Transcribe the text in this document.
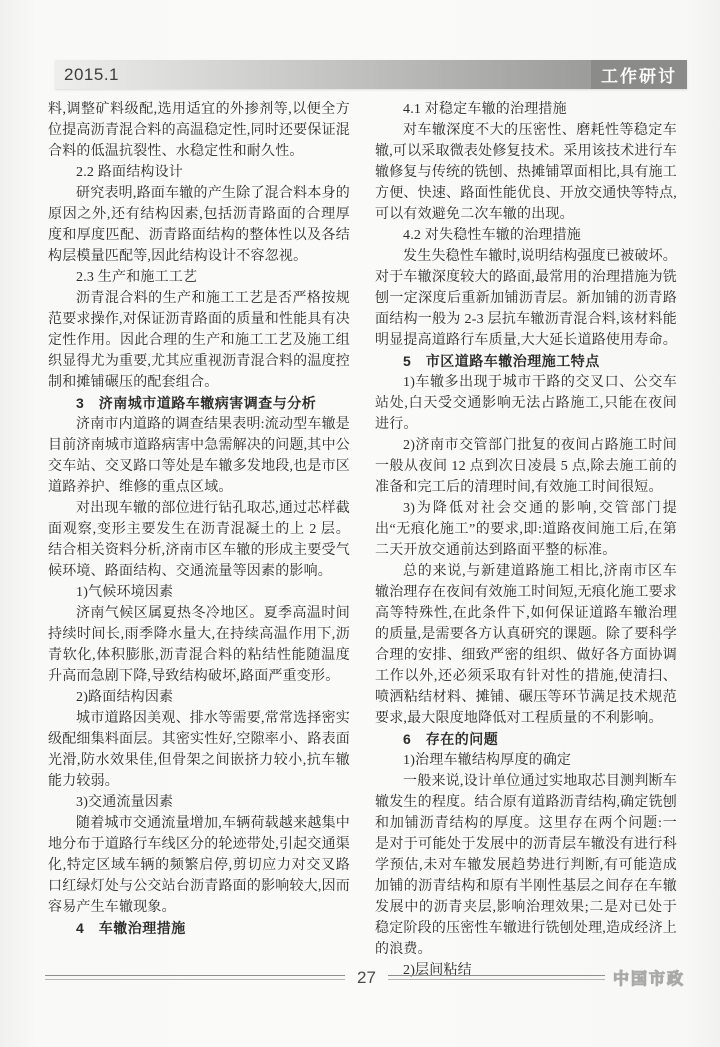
2015.1	工作研讨

料,调整矿料级配,选用适宜的外掺剂等,以便全方位提高沥青混合料的高温稳定性,同时还要保证混合料的低温抗裂性、水稳定性和耐久性。

2.2 路面结构设计

研究表明,路面车辙的产生除了混合料本身的原因之外,还有结构因素,包括沥青路面的合理厚度和厚度匹配、沥青路面结构的整体性以及各结构层模量匹配等,因此结构设计不容忽视。

2.3 生产和施工工艺

沥青混合料的生产和施工工艺是否严格按规范要求操作,对保证沥青路面的质量和性能具有决定性作用。因此合理的生产和施工工艺及施工组织显得尤为重要,尤其应重视沥青混合料的温度控制和摊铺碾压的配套组合。

3　济南城市道路车辙病害调查与分析

济南市内道路的调查结果表明:流动型车辙是目前济南城市道路病害中急需解决的问题,其中公交车站、交叉路口等处是车辙多发地段,也是市区道路养护、维修的重点区域。

对出现车辙的部位进行钻孔取芯,通过芯样截面观察,变形主要发生在沥青混凝土的上 2 层。结合相关资料分析,济南市区车辙的形成主要受气候环境、路面结构、交通流量等因素的影响。

1)气候环境因素

济南气候区属夏热冬冷地区。夏季高温时间持续时间长,雨季降水量大,在持续高温作用下,沥青软化,体积膨胀,沥青混合料的粘结性能随温度升高而急剧下降,导致结构破坏,路面严重变形。

2)路面结构因素

城市道路因美观、排水等需要,常常选择密实级配细集料面层。其密实性好,空隙率小、路表面光滑,防水效果佳,但骨架之间嵌挤力较小,抗车辙能力较弱。

3)交通流量因素

随着城市交通流量增加,车辆荷载越来越集中地分布于道路行车线区分的轮迹带处,引起交通渠化,特定区域车辆的频繁启停,剪切应力对交叉路口红绿灯处与公交站台沥青路面的影响较大,因而容易产生车辙现象。

4　车辙治理措施

4.1 对稳定车辙的治理措施

对车辙深度不大的压密性、磨耗性等稳定车辙,可以采取微表处修复技术。采用该技术进行车辙修复与传统的铣刨、热摊铺罩面相比,具有施工方便、快速、路面性能优良、开放交通快等特点,可以有效避免二次车辙的出现。

4.2 对失稳性车辙的治理措施

发生失稳性车辙时,说明结构强度已被破坏。对于车辙深度较大的路面,最常用的治理措施为铣刨一定深度后重新加铺沥青层。新加铺的沥青路面结构一般为 2-3 层抗车辙沥青混合料,该材料能明显提高道路行车质量,大大延长道路使用寿命。

5　市区道路车辙治理施工特点

1)车辙多出现于城市干路的交叉口、公交车站处,白天受交通影响无法占路施工,只能在夜间进行。

2)济南市交管部门批复的夜间占路施工时间一般从夜间 12 点到次日凌晨 5 点,除去施工前的准备和完工后的清理时间,有效施工时间很短。

3)为降低对社会交通的影响,交管部门提出“无痕化施工”的要求,即:道路夜间施工后,在第二天开放交通前达到路面平整的标准。

总的来说,与新建道路施工相比,济南市区车辙治理存在夜间有效施工时间短,无痕化施工要求高等特殊性,在此条件下,如何保证道路车辙治理的质量,是需要各方认真研究的课题。除了要科学合理的安排、细致严密的组织、做好各方面协调工作以外,还必须采取有针对性的措施,使清扫、喷洒粘结材料、摊铺、碾压等环节满足技术规范要求,最大限度地降低对工程质量的不利影响。

6　存在的问题

1)治理车辙结构厚度的确定

一般来说,设计单位通过实地取芯目测判断车辙发生的程度。结合原有道路沥青结构,确定铣刨和加铺沥青结构的厚度。这里存在两个问题:一是对于可能处于发展中的沥青层车辙没有进行科学预估,未对车辙发展趋势进行判断,有可能造成加铺的沥青结构和原有半刚性基层之间存在车辙发展中的沥青夹层,影响治理效果;二是对已处于稳定阶段的压密性车辙进行铣刨处理,造成经济上的浪费。

2)层间粘结

27	中国市政
